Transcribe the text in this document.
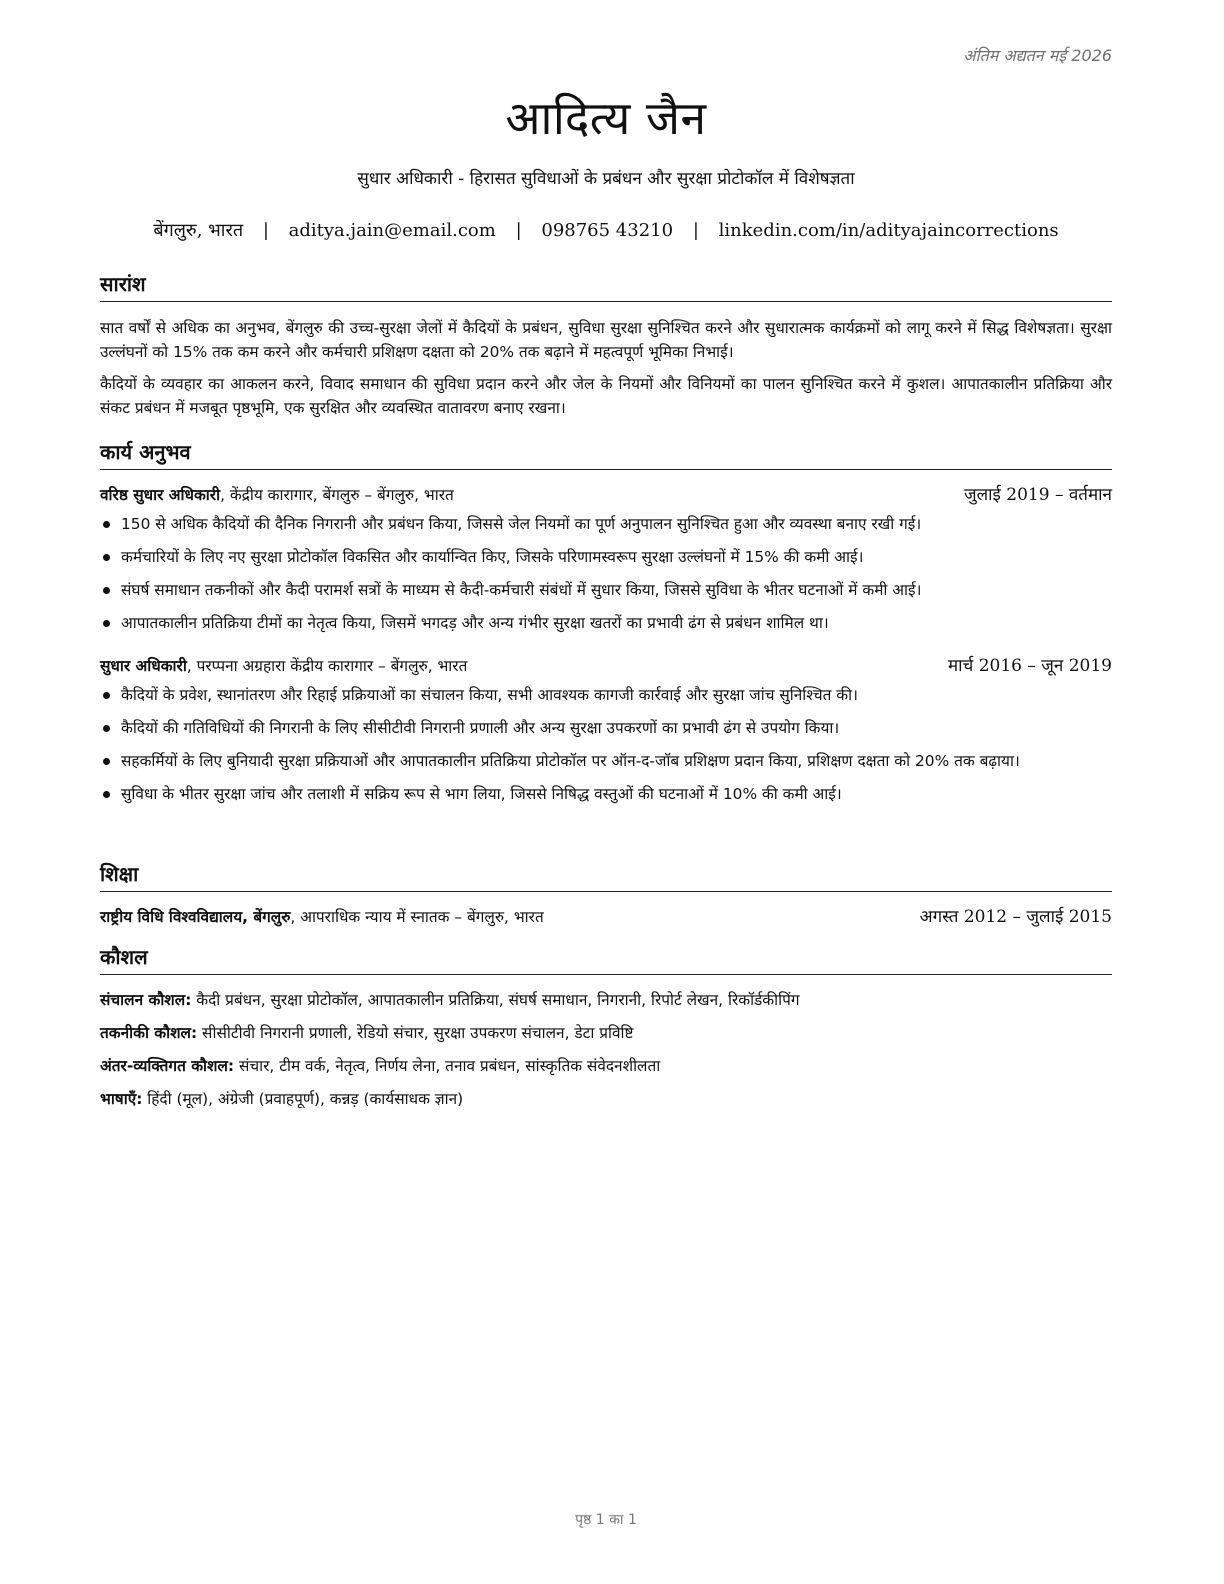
अंतिम अद्यतन मई 2026
आदित्य जैन
सुधार अधिकारी - हिरासत सुविधाओं के प्रबंधन और सुरक्षा प्रोटोकॉल में विशेषज्ञता
बेंगलुरु, भारत | aditya.jain@email.com | 098765 43210 | linkedin.com/in/adityajaincorrections
सारांश

सात वर्षों से अधिक का अनुभव, बेंगलुरु की उच्च-सुरक्षा जेलों में कैदियों के प्रबंधन, सुविधा सुरक्षा सुनिश्चित करने और सुधारात्मक कार्यक्रमों को लागू करने में सिद्ध विशेषज्ञता। सुरक्षा उल्लंघनों को 15% तक कम करने और कर्मचारी प्रशिक्षण दक्षता को 20% तक बढ़ाने में महत्वपूर्ण भूमिका निभाई।

कैदियों के व्यवहार का आकलन करने, विवाद समाधान की सुविधा प्रदान करने और जेल के नियमों और विनियमों का पालन सुनिश्चित करने में कुशल। आपातकालीन प्रतिक्रिया और संकट प्रबंधन में मजबूत पृष्ठभूमि, एक सुरक्षित और व्यवस्थित वातावरण बनाए रखना।

कार्य अनुभव
वरिष्ठ सुधार अधिकारी, केंद्रीय कारागार, बेंगलुरु – बेंगलुरु, भारत	जुलाई 2019 – वर्तमान
150 से अधिक कैदियों की दैनिक निगरानी और प्रबंधन किया, जिससे जेल नियमों का पूर्ण अनुपालन सुनिश्चित हुआ और व्यवस्था बनाए रखी गई।
कर्मचारियों के लिए नए सुरक्षा प्रोटोकॉल विकसित और कार्यान्वित किए, जिसके परिणामस्वरूप सुरक्षा उल्लंघनों में 15% की कमी आई।
संघर्ष समाधान तकनीकों और कैदी परामर्श सत्रों के माध्यम से कैदी-कर्मचारी संबंधों में सुधार किया, जिससे सुविधा के भीतर घटनाओं में कमी आई।
आपातकालीन प्रतिक्रिया टीमों का नेतृत्व किया, जिसमें भगदड़ और अन्य गंभीर सुरक्षा खतरों का प्रभावी ढंग से प्रबंधन शामिल था।
सुधार अधिकारी, परप्पना अग्रहारा केंद्रीय कारागार – बेंगलुरु, भारत	मार्च 2016 – जून 2019
कैदियों के प्रवेश, स्थानांतरण और रिहाई प्रक्रियाओं का संचालन किया, सभी आवश्यक कागजी कार्रवाई और सुरक्षा जांच सुनिश्चित की।
कैदियों की गतिविधियों की निगरानी के लिए सीसीटीवी निगरानी प्रणाली और अन्य सुरक्षा उपकरणों का प्रभावी ढंग से उपयोग किया।
सहकर्मियों के लिए बुनियादी सुरक्षा प्रक्रियाओं और आपातकालीन प्रतिक्रिया प्रोटोकॉल पर ऑन-द-जॉब प्रशिक्षण प्रदान किया, प्रशिक्षण दक्षता को 20% तक बढ़ाया।
सुविधा के भीतर सुरक्षा जांच और तलाशी में सक्रिय रूप से भाग लिया, जिससे निषिद्ध वस्तुओं की घटनाओं में 10% की कमी आई।
शिक्षा
राष्ट्रीय विधि विश्वविद्यालय, बेंगलुरु, आपराधिक न्याय में स्नातक – बेंगलुरु, भारत	अगस्त 2012 – जुलाई 2015
कौशल
संचालन कौशल: कैदी प्रबंधन, सुरक्षा प्रोटोकॉल, आपातकालीन प्रतिक्रिया, संघर्ष समाधान, निगरानी, रिपोर्ट लेखन, रिकॉर्डकीपिंग
तकनीकी कौशल: सीसीटीवी निगरानी प्रणाली, रेडियो संचार, सुरक्षा उपकरण संचालन, डेटा प्रविष्टि
अंतर-व्यक्तिगत कौशल: संचार, टीम वर्क, नेतृत्व, निर्णय लेना, तनाव प्रबंधन, सांस्कृतिक संवेदनशीलता
भाषाएँ: हिंदी (मूल), अंग्रेजी (प्रवाहपूर्ण), कन्नड़ (कार्यसाधक ज्ञान)
पृष्ठ 1 का 1
